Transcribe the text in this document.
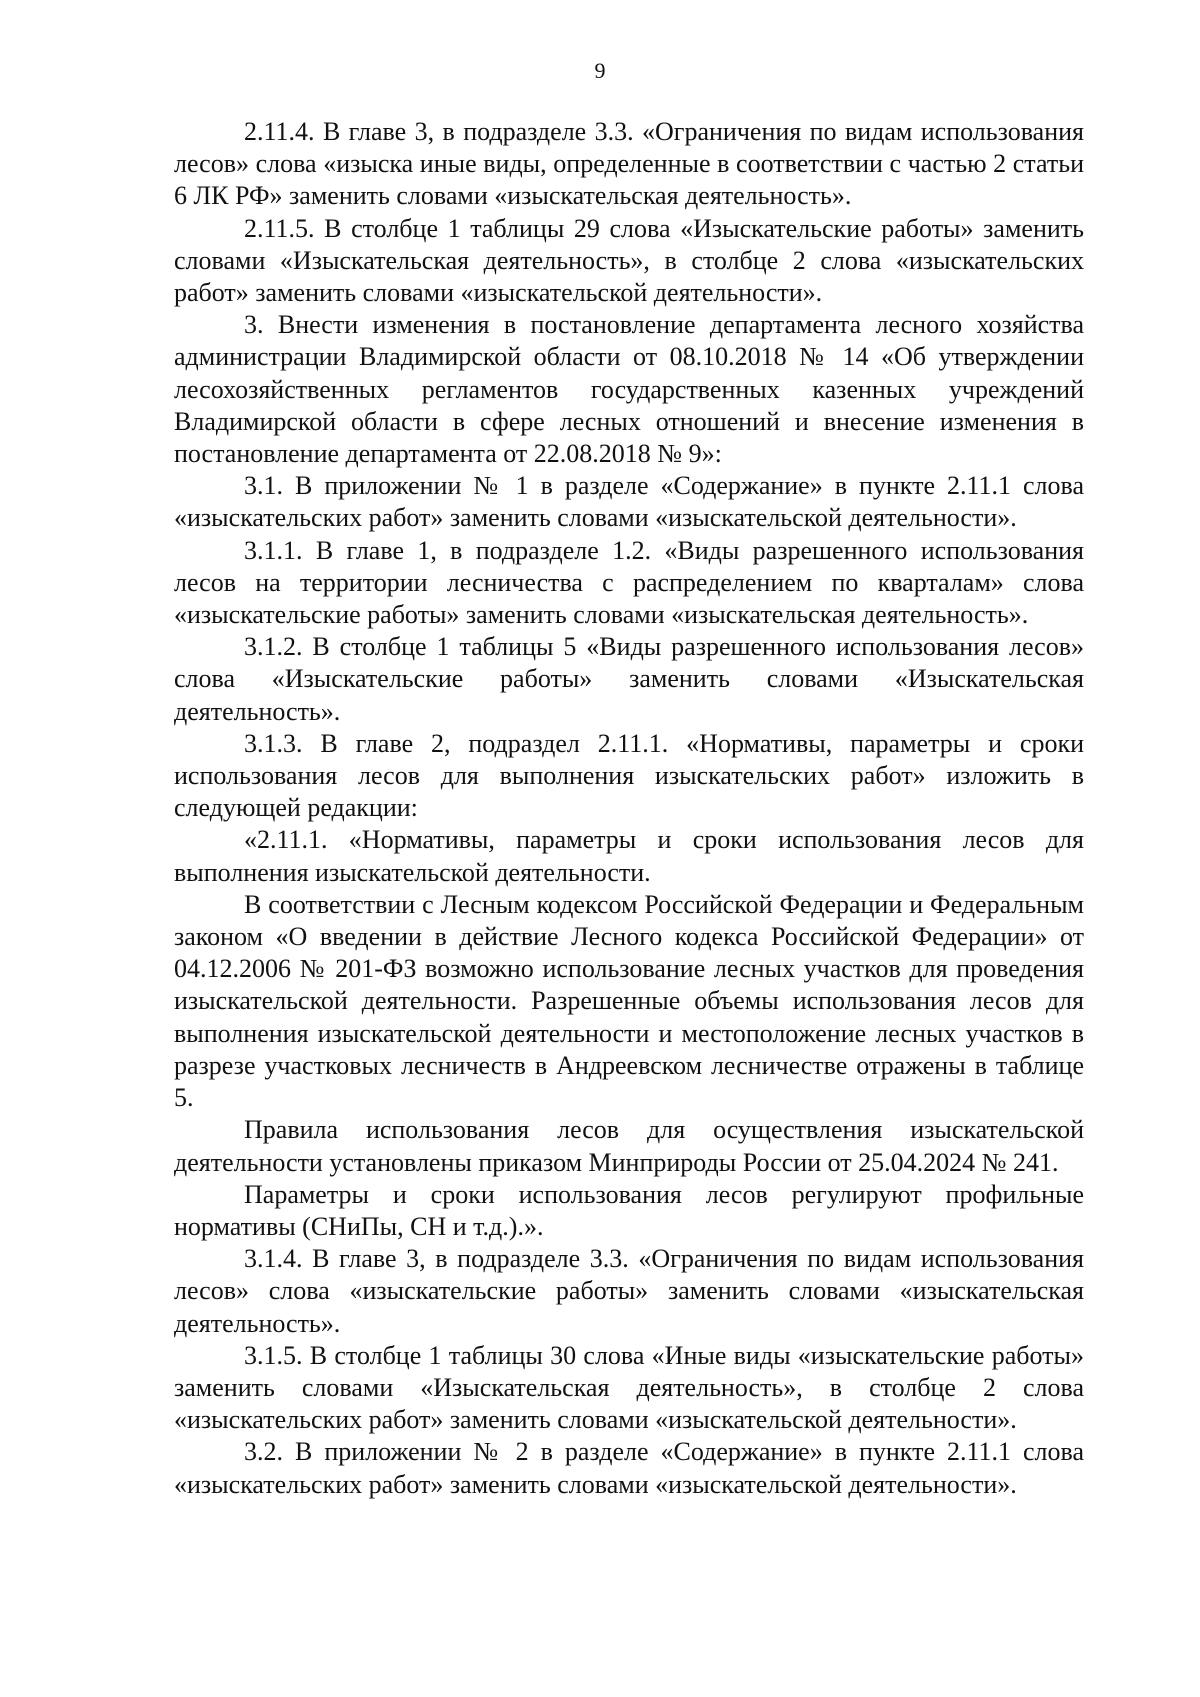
9

2.11.4. В главе 3, в подразделе 3.3. «Ограничения по видам использования лесов» слова «изыска иные виды, определенные в соответствии с частью 2 статьи 6 ЛК РФ» заменить словами «изыскательская деятельность».

2.11.5. В столбце 1 таблицы 29 слова «Изыскательские работы» заменить словами «Изыскательская деятельность», в столбце 2 слова «изыскательских работ» заменить словами «изыскательской деятельности».

3. Внести изменения в постановление департамента лесного хозяйства администрации Владимирской области от 08.10.2018 № 14 «Об утверждении лесохозяйственных регламентов государственных казенных учреждений Владимирской области в сфере лесных отношений и внесение изменения в постановление департамента от 22.08.2018 № 9»:

3.1. В приложении № 1 в разделе «Содержание» в пункте 2.11.1 слова «изыскательских работ» заменить словами «изыскательской деятельности».

3.1.1. В главе 1, в подразделе 1.2. «Виды разрешенного использования лесов на территории лесничества с распределением по кварталам» слова «изыскательские работы» заменить словами «изыскательская деятельность».

3.1.2. В столбце 1 таблицы 5 «Виды разрешенного использования лесов» слова «Изыскательские работы» заменить словами «Изыскательская деятельность».

3.1.3. В главе 2, подраздел 2.11.1. «Нормативы, параметры и сроки использования лесов для выполнения изыскательских работ» изложить в следующей редакции:

«2.11.1. «Нормативы, параметры и сроки использования лесов для выполнения изыскательской деятельности.

В соответствии с Лесным кодексом Российской Федерации и Федеральным законом «О введении в действие Лесного кодекса Российской Федерации» от 04.12.2006 № 201-ФЗ возможно использование лесных участков для проведения изыскательской деятельности. Разрешенные объемы использования лесов для выполнения изыскательской деятельности и местоположение лесных участков в разрезе участковых лесничеств в Андреевском лесничестве отражены в таблице 5.

Правила использования лесов для осуществления изыскательской деятельности установлены приказом Минприроды России от 25.04.2024 № 241.

Параметры и сроки использования лесов регулируют профильные нормативы (СНиПы, СН и т.д.).».

3.1.4. В главе 3, в подразделе 3.3. «Ограничения по видам использования лесов» слова «изыскательские работы» заменить словами «изыскательская деятельность».

3.1.5. В столбце 1 таблицы 30 слова «Иные виды «изыскательские работы» заменить словами «Изыскательская деятельность», в столбце 2 слова «изыскательских работ» заменить словами «изыскательской деятельности».

3.2. В приложении № 2 в разделе «Содержание» в пункте 2.11.1 слова «изыскательских работ» заменить словами «изыскательской деятельности».
